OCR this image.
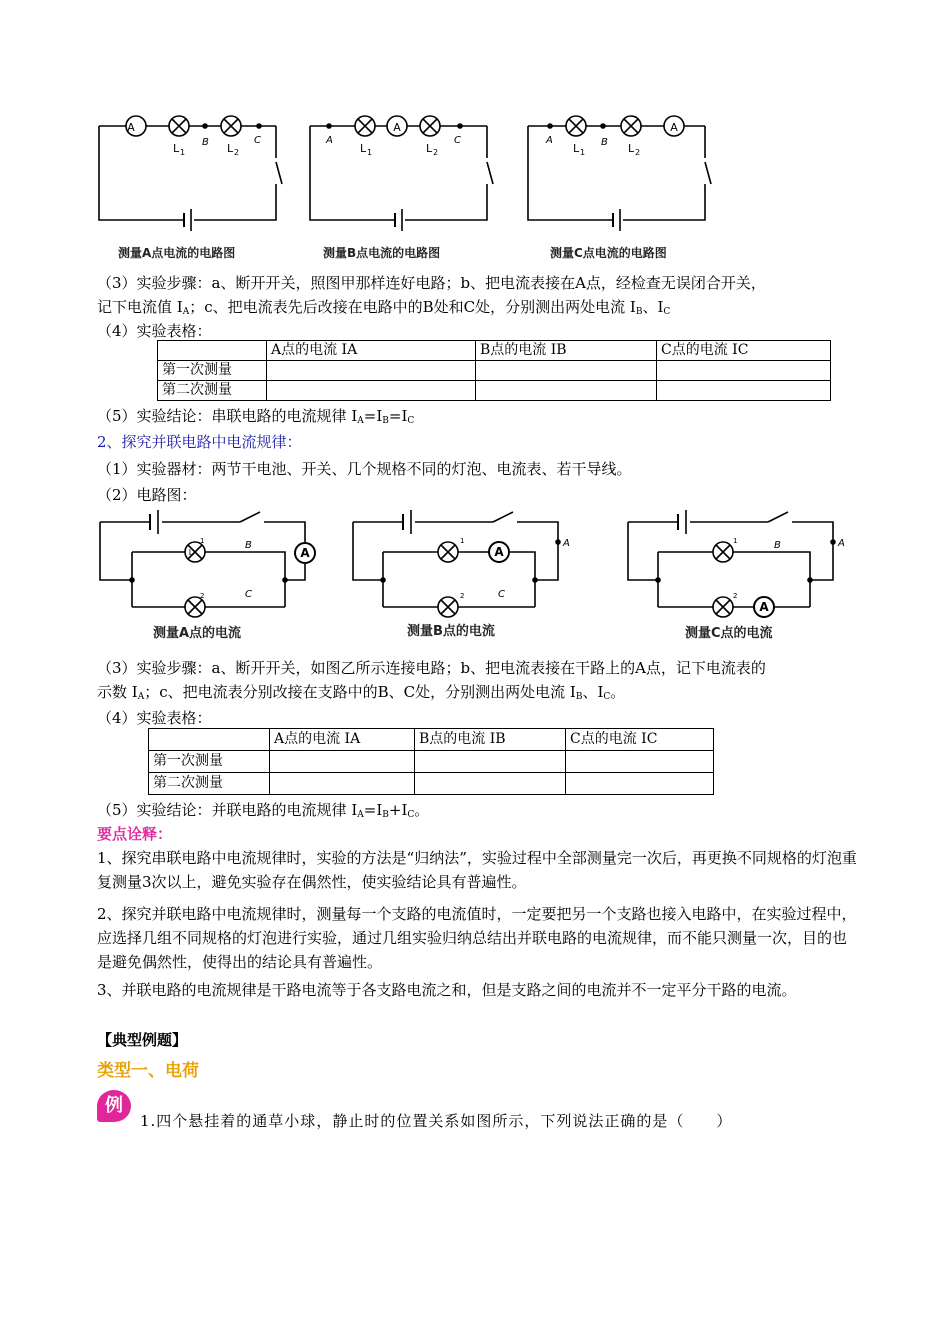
A
L 1
B L 2
C	A
L 1
A
L 2
C	A
L 1
B L 2
A
测量A点电流的电路图	测量B点电流的电路图	测量C点电流的电路图
（3）实验步骤：a、断开开关，照图甲那样连好电路；b、把电流表接在A点，经检查无误闭合开关，
记下电流值 $I_A$；c、把电流表先后改接在电路中的B处和C处，分别测出两处电流 $I_B$、$I_C$
（4）实验表格：
	A点的电流 IA	B点的电流 IB	C点的电流 IC
第一次测量			
第二次测量			
（5）实验结论：串联电路的电流规律 $I_A=I_B=I_C$
2、探究并联电路中电流规律：
（1）实验器材：两节干电池、开关、几个规格不同的灯泡、电流表、若干导线。
（2）电路图：
A
L
1	B
2	C
A
1
2	C
A	1	B
2
A
A
测量A点的电流	测量B点的电流	测量C点的电流
（3）实验步骤：a、断开开关，如图乙所示连接电路；b、把电流表接在干路上的A点，记下电流表的
示数 $I_A$；c、把电流表分别改接在支路中的B、C处，分别测出两处电流 $I_B$、$I_C$。
（4）实验表格：
	A点的电流 IA	B点的电流 IB	C点的电流 IC
第一次测量			
第二次测量			
（5）实验结论：并联电路的电流规律 $I_A=I_B+I_C$。
要点诠释：
1、探究串联电路中电流规律时，实验的方法是“归纳法”，实验过程中全部测量完一次后，再更换不同规格的灯泡重复测量3次以上，避免实验存在偶然性，使实验结论具有普遍性。
2、探究并联电路中电流规律时，测量每一个支路的电流值时，一定要把另一个支路也接入电路中，在实验过程中，应选择几组不同规格的灯泡进行实验，通过几组实验归纳总结出并联电路的电流规律，而不能只测量一次，目的也是避免偶然性，使得出的结论具有普遍性。
3、并联电路的电流规律是干路电流等于各支路电流之和，但是支路之间的电流并不一定平分干路的电流。
【典型例题】
类型一、电荷
例
1.四个悬挂着的通草小球，静止时的位置关系如图所示，下列说法正确的是（　　）
